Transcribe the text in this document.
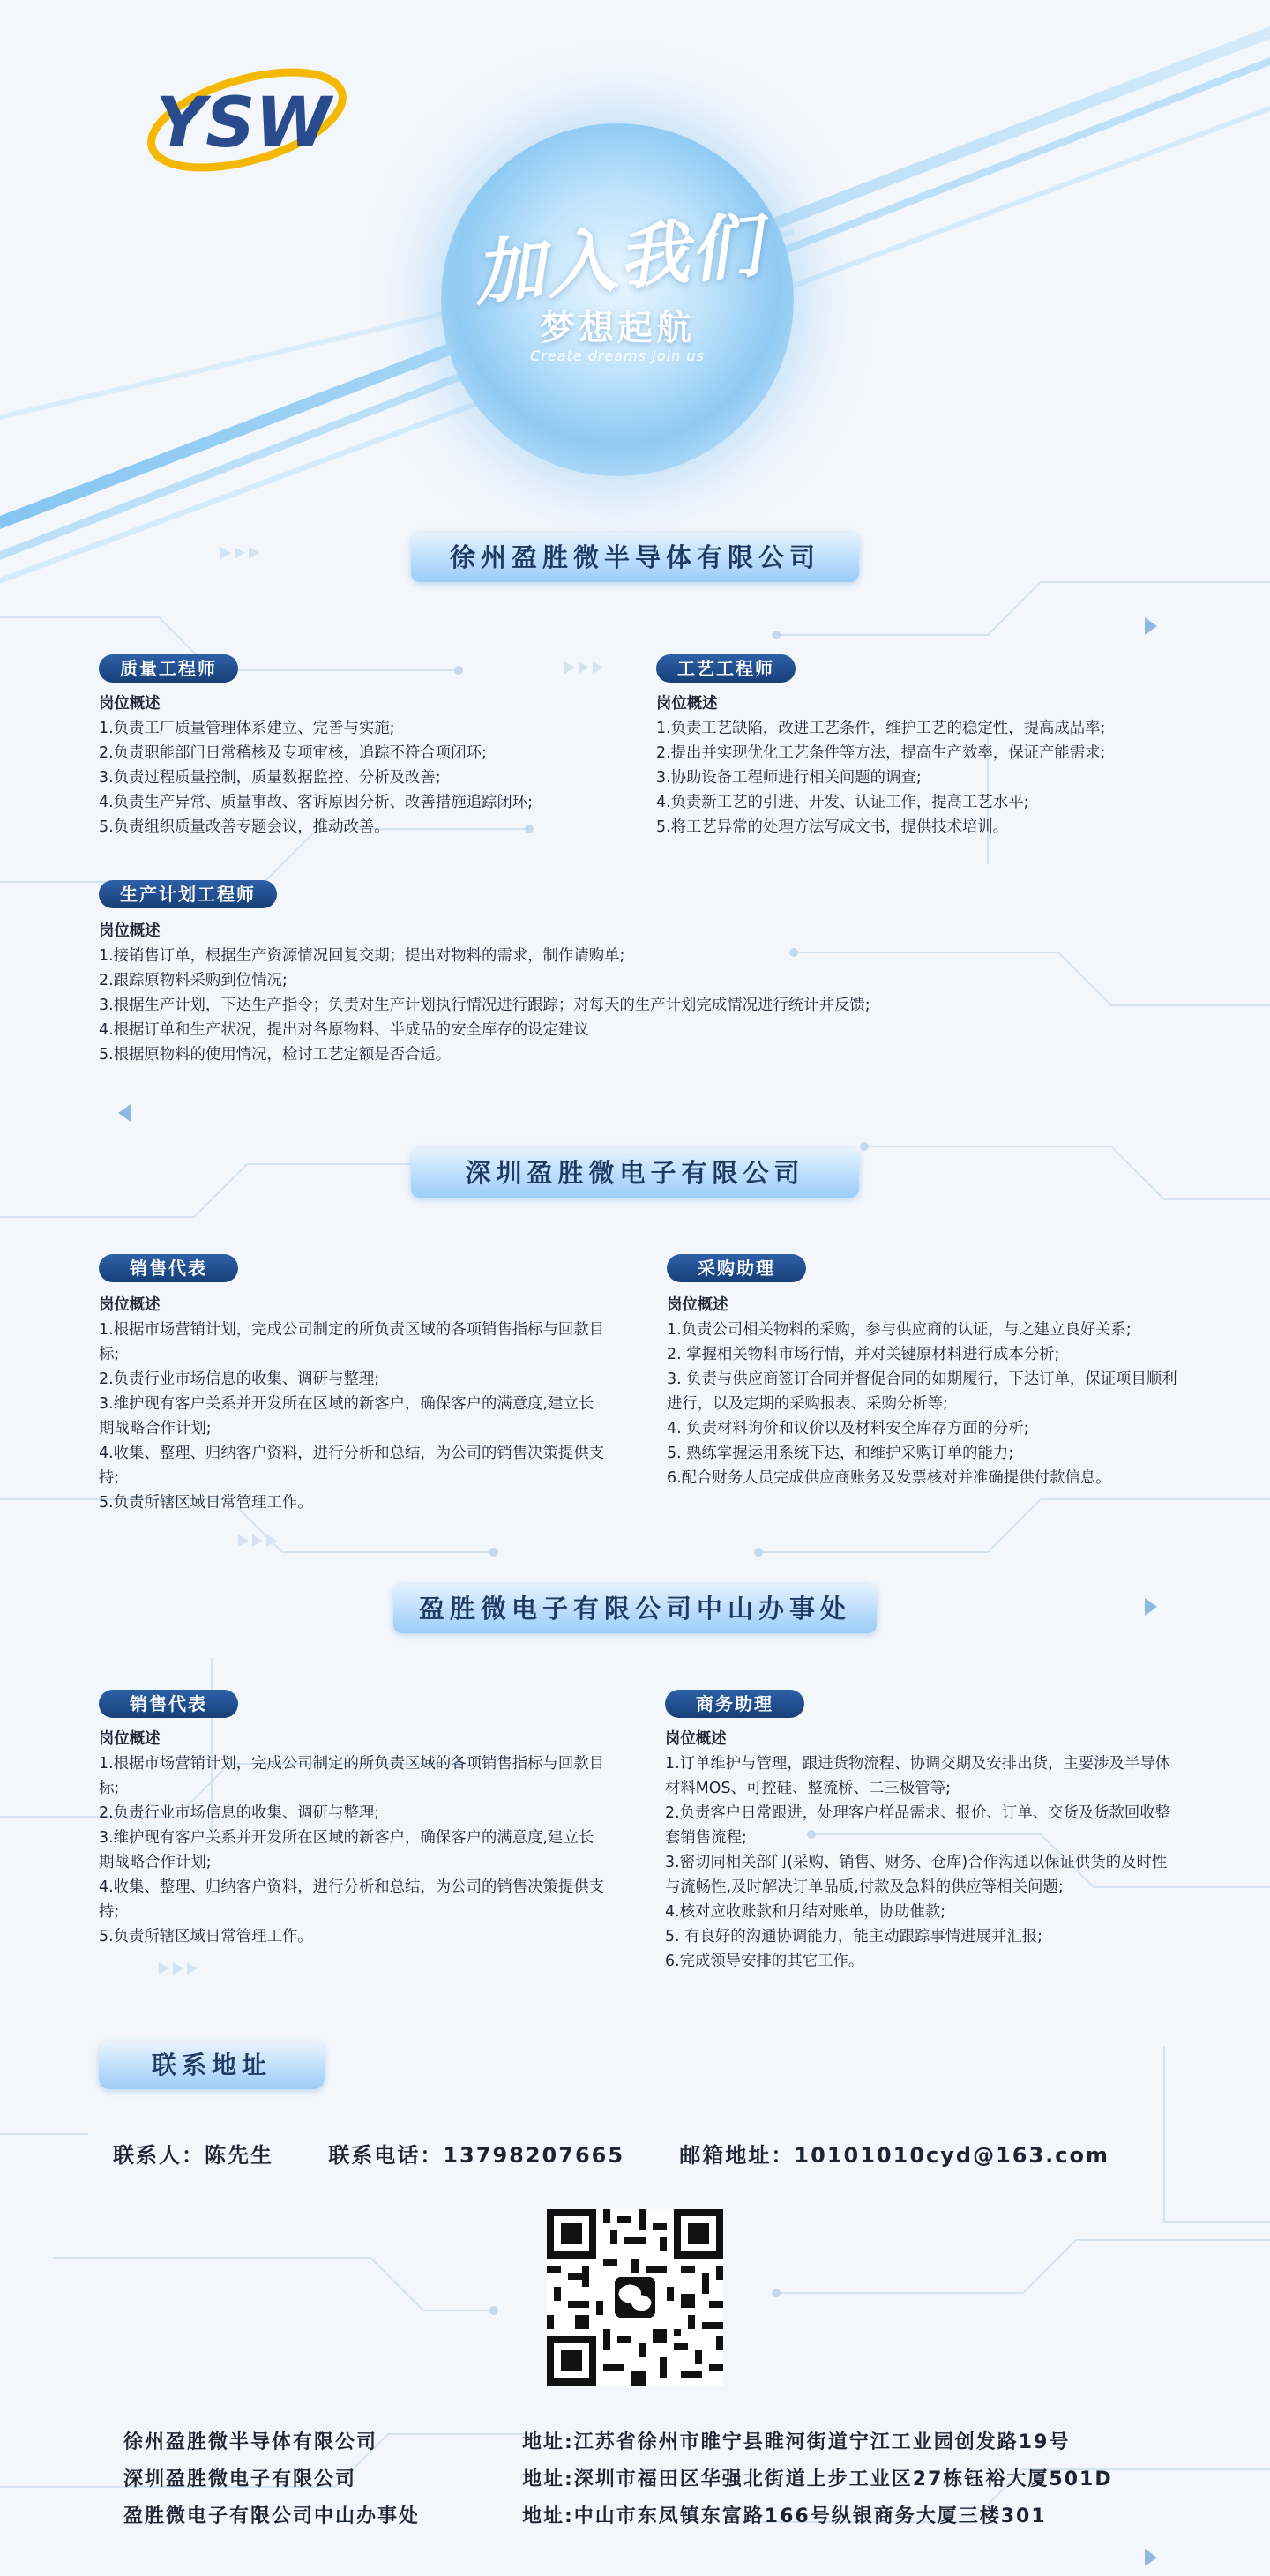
YSW
加入我们
梦想起航
Create dreams Join us
徐州盈胜微半导体有限公司
质量工程师
岗位概述
1.负责工厂质量管理体系建立、完善与实施;
2.负责职能部门日常稽核及专项审核，追踪不符合项闭环;
3.负责过程质量控制，质量数据监控、分析及改善;
4.负责生产异常、质量事故、客诉原因分析、改善措施追踪闭环;
5.负责组织质量改善专题会议，推动改善。
工艺工程师
岗位概述
1.负责工艺缺陷，改进工艺条件，维护工艺的稳定性，提高成品率;
2.提出并实现优化工艺条件等方法，提高生产效率，保证产能需求;
3.协助设备工程师进行相关问题的调查;
4.负责新工艺的引进、开发、认证工作，提高工艺水平;
5.将工艺异常的处理方法写成文书，提供技术培训。
生产计划工程师
岗位概述
1.接销售订单，根据生产资源情况回复交期；提出对物料的需求，制作请购单;
2.跟踪原物料采购到位情况;
3.根据生产计划，下达生产指令；负责对生产计划执行情况进行跟踪；对每天的生产计划完成情况进行统计并反馈;
4.根据订单和生产状况，提出对各原物料、半成品的安全库存的设定建议
5.根据原物料的使用情况，检讨工艺定额是否合适。
深圳盈胜微电子有限公司
销售代表
岗位概述
1.根据市场营销计划，完成公司制定的所负责区域的各项销售指标与回款目标;
2.负责行业市场信息的收集、调研与整理;
3.维护现有客户关系并开发所在区域的新客户，确保客户的满意度,建立长期战略合作计划;
4.收集、整理、归纳客户资料，进行分析和总结，为公司的销售决策提供支持;
5.负责所辖区域日常管理工作。
采购助理
岗位概述
1.负责公司相关物料的采购，参与供应商的认证，与之建立良好关系;
2. 掌握相关物料市场行情，并对关键原材料进行成本分析;
3. 负责与供应商签订合同并督促合同的如期履行，下达订单，保证项目顺利进行，以及定期的采购报表、采购分析等;
4. 负责材料询价和议价以及材料安全库存方面的分析;
5. 熟练掌握运用系统下达，和维护采购订单的能力;
6.配合财务人员完成供应商账务及发票核对并准确提供付款信息。
盈胜微电子有限公司中山办事处
销售代表
岗位概述
1.根据市场营销计划，完成公司制定的所负责区域的各项销售指标与回款目标;
2.负责行业市场信息的收集、调研与整理;
3.维护现有客户关系并开发所在区域的新客户，确保客户的满意度,建立长期战略合作计划;
4.收集、整理、归纳客户资料，进行分析和总结，为公司的销售决策提供支持;
5.负责所辖区域日常管理工作。
商务助理
岗位概述
1.订单维护与管理，跟进货物流程、协调交期及安排出货，主要涉及半导体材料MOS、可控硅、整流桥、二三极管等;
2.负责客户日常跟进，处理客户样品需求、报价、订单、交货及货款回收整套销售流程;
3.密切同相关部门(采购、销售、财务、仓库)合作沟通以保证供货的及时性与流畅性,及时解决订单品质,付款及急料的供应等相关问题;
4.核对应收账款和月结对账单，协助催款;
5. 有良好的沟通协调能力，能主动跟踪事情进展并汇报;
6.完成领导安排的其它工作。
联系地址
联系人：陈先生	联系电话：13798207665	邮箱地址：10101010cyd@163.com
徐州盈胜微半导体有限公司	地址:江苏省徐州市睢宁县睢河街道宁江工业园创发路19号
深圳盈胜微电子有限公司	地址:深圳市福田区华强北街道上步工业区27栋钰裕大厦501D
盈胜微电子有限公司中山办事处	地址:中山市东凤镇东富路166号纵银商务大厦三楼301
